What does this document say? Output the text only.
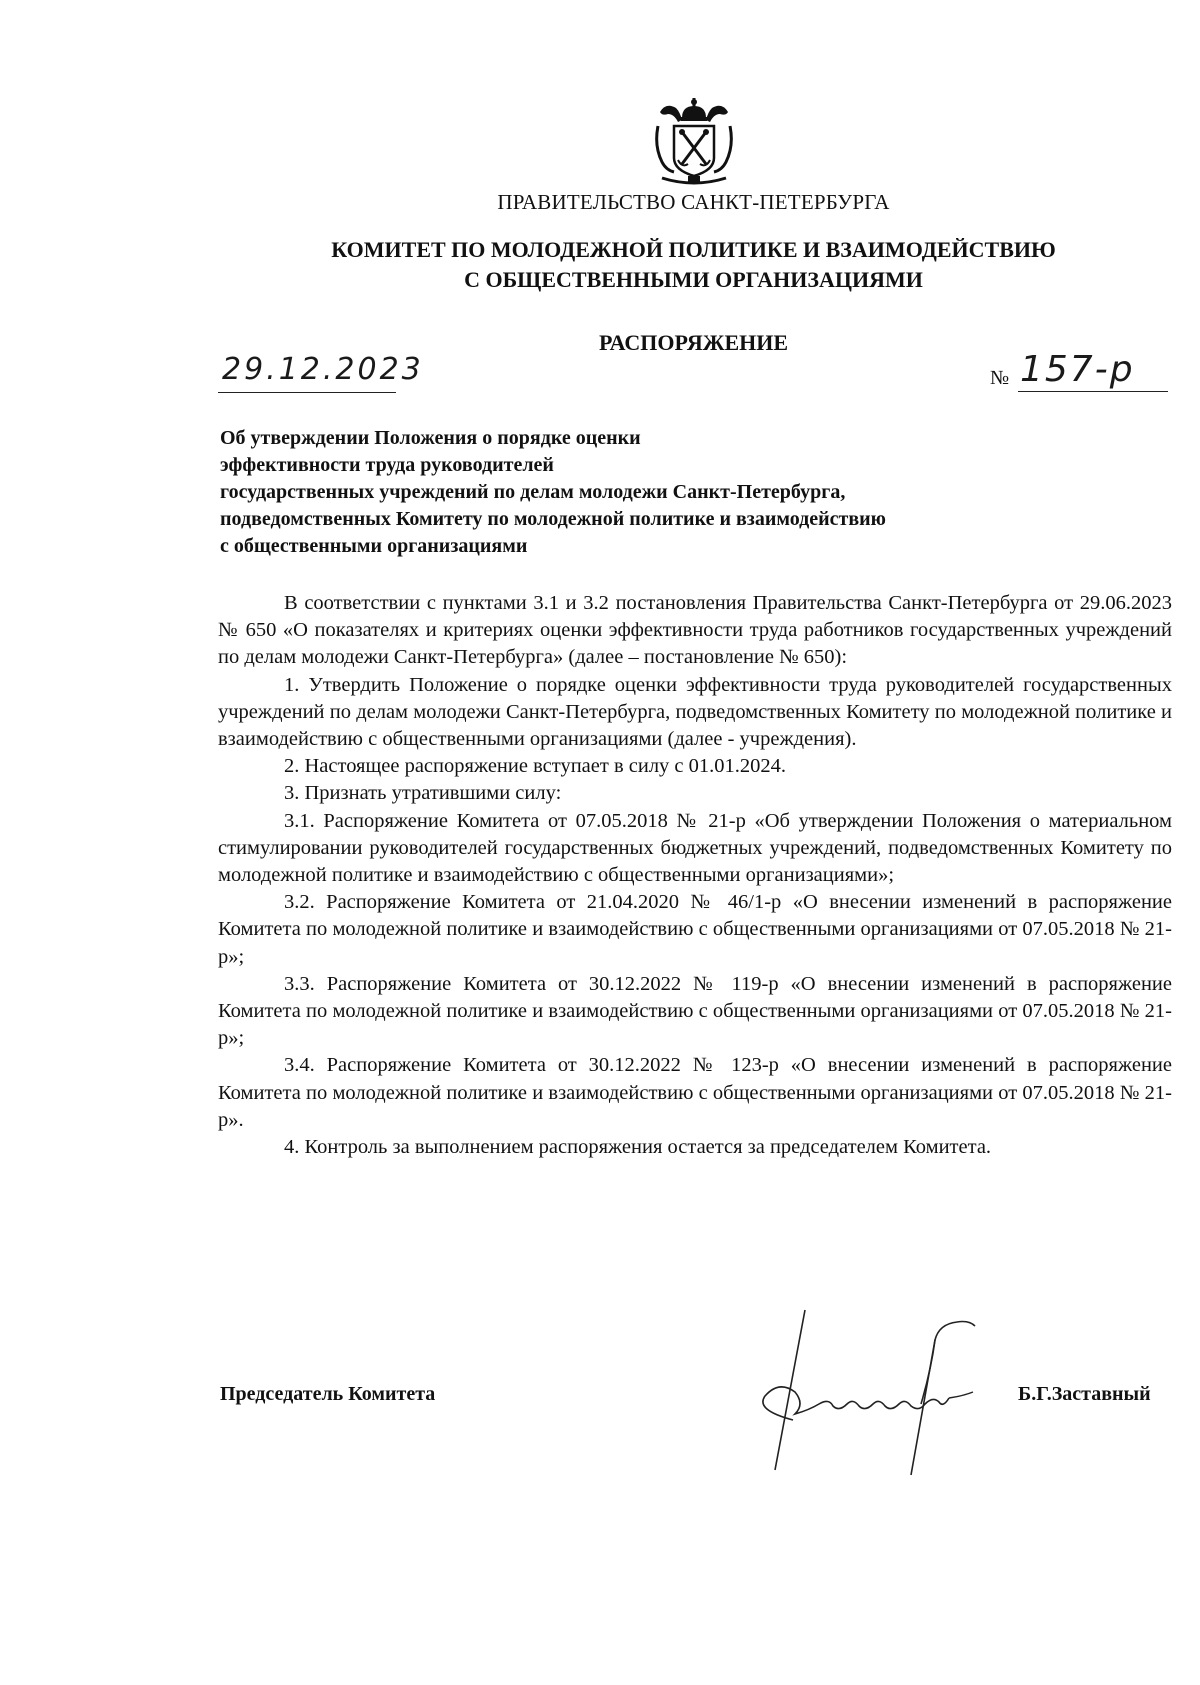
ПРАВИТЕЛЬСТВО САНКТ-ПЕТЕРБУРГА
КОМИТЕТ ПО МОЛОДЕЖНОЙ ПОЛИТИКЕ И ВЗАИМОДЕЙСТВИЮ
С ОБЩЕСТВЕННЫМИ ОРГАНИЗАЦИЯМИ
РАСПОРЯЖЕНИЕ
29.12.2023	№ 157-р
Об утверждении Положения о порядке оценки
эффективности труда руководителей
государственных учреждений по делам молодежи Санкт-Петербурга,
подведомственных Комитету по молодежной политике и взаимодействию
с общественными организациями

В соответствии с пунктами 3.1 и 3.2 постановления Правительства Санкт-Петербурга от 29.06.2023 № 650 «О показателях и критериях оценки эффективности труда работников государственных учреждений по делам молодежи Санкт-Петербурга» (далее – постановление № 650):

1. Утвердить Положение о порядке оценки эффективности труда руководителей государственных учреждений по делам молодежи Санкт-Петербурга, подведомственных Комитету по молодежной политике и взаимодействию с общественными организациями (далее - учреждения).

2. Настоящее распоряжение вступает в силу с 01.01.2024.

3. Признать утратившими силу:

3.1. Распоряжение Комитета от 07.05.2018 № 21-р «Об утверждении Положения о материальном стимулировании руководителей государственных бюджетных учреждений, подведомственных Комитету по молодежной политике и взаимодействию с общественными организациями»;

3.2. Распоряжение Комитета от 21.04.2020 № 46/1-р «О внесении изменений в распоряжение Комитета по молодежной политике и взаимодействию с общественными организациями от 07.05.2018 № 21-р»;

3.3. Распоряжение Комитета от 30.12.2022 № 119-р «О внесении изменений в распоряжение Комитета по молодежной политике и взаимодействию с общественными организациями от 07.05.2018 № 21-р»;

3.4. Распоряжение Комитета от 30.12.2022 № 123-р «О внесении изменений в распоряжение Комитета по молодежной политике и взаимодействию с общественными организациями от 07.05.2018 № 21-р».

4. Контроль за выполнением распоряжения остается за председателем Комитета.

Председатель Комитета	Б.Г.Заставный
